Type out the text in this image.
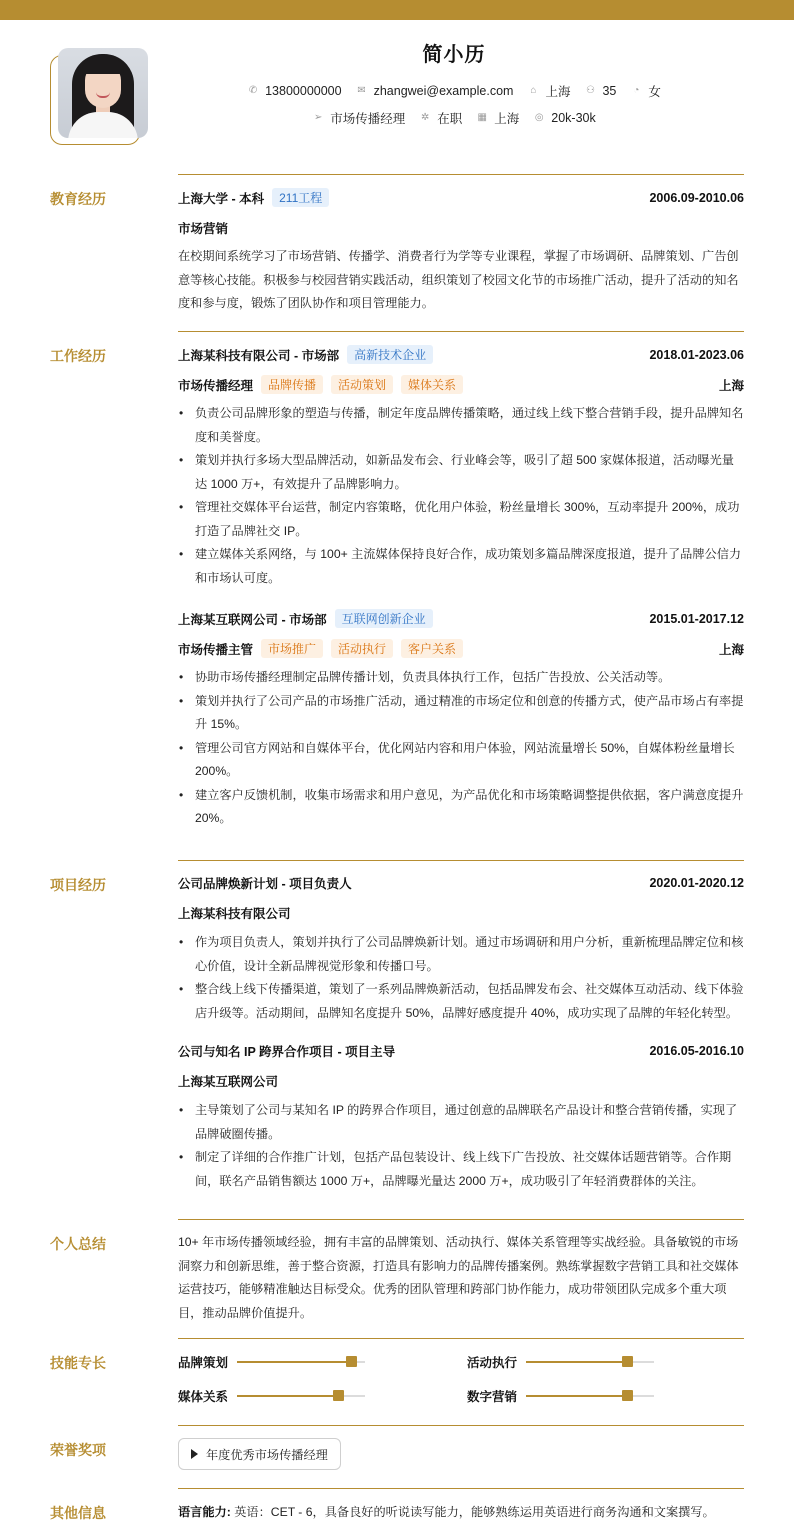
简小历
✆ 13800000000 ✉ zhangwei@example.com ⌂ 上海 ⚇ 35 ◔ 女
➢ 市场传播经理 ✲ 在职 ▦ 上海 ◎ 20k-30k
教育经历	上海大学 - 本科	211工程	2006.09-2010.06
市场营销
在校期间系统学习了市场营销、传播学、消费者行为学等专业课程，掌握了市场调研、品牌策划、广告创意等核心技能。积极参与校园营销实践活动，组织策划了校园文化节的市场推广活动，提升了活动的知名度和参与度，锻炼了团队协作和项目管理能力。
工作经历	上海某科技有限公司 - 市场部	高新技术企业	2018.01-2023.06
市场传播经理	品牌传播	活动策划	媒体关系	上海
• 负责公司品牌形象的塑造与传播，制定年度品牌传播策略，通过线上线下整合营销手段，提升品牌知名度和美誉度。
• 策划并执行多场大型品牌活动，如新品发布会、行业峰会等，吸引了超 500 家媒体报道，活动曝光量达 1000 万+，有效提升了品牌影响力。
• 管理社交媒体平台运营，制定内容策略，优化用户体验，粉丝量增长 300%，互动率提升 200%，成功打造了品牌社交 IP。
• 建立媒体关系网络，与 100+ 主流媒体保持良好合作，成功策划多篇品牌深度报道，提升了品牌公信力和市场认可度。
上海某互联网公司 - 市场部	互联网创新企业	2015.01-2017.12
市场传播主管	市场推广	活动执行	客户关系	上海
• 协助市场传播经理制定品牌传播计划，负责具体执行工作，包括广告投放、公关活动等。
• 策划并执行了公司产品的市场推广活动，通过精准的市场定位和创意的传播方式，使产品市场占有率提升 15%。
• 管理公司官方网站和自媒体平台，优化网站内容和用户体验，网站流量增长 50%，自媒体粉丝量增长 200%。
• 建立客户反馈机制，收集市场需求和用户意见，为产品优化和市场策略调整提供依据，客户满意度提升 20%。
项目经历	公司品牌焕新计划 - 项目负责人	2020.01-2020.12
上海某科技有限公司
• 作为项目负责人，策划并执行了公司品牌焕新计划。通过市场调研和用户分析，重新梳理品牌定位和核心价值，设计全新品牌视觉形象和传播口号。
• 整合线上线下传播渠道，策划了一系列品牌焕新活动，包括品牌发布会、社交媒体互动活动、线下体验店升级等。活动期间，品牌知名度提升 50%，品牌好感度提升 40%，成功实现了品牌的年轻化转型。
公司与知名 IP 跨界合作项目 - 项目主导	2016.05-2016.10
上海某互联网公司
• 主导策划了公司与某知名 IP 的跨界合作项目，通过创意的品牌联名产品设计和整合营销传播，实现了品牌破圈传播。
• 制定了详细的合作推广计划，包括产品包装设计、线上线下广告投放、社交媒体话题营销等。合作期间，联名产品销售额达 1000 万+，品牌曝光量达 2000 万+，成功吸引了年轻消费群体的关注。
个人总结	10+ 年市场传播领域经验，拥有丰富的品牌策划、活动执行、媒体关系管理等实战经验。具备敏锐的市场洞察力和创新思维，善于整合资源，打造具有影响力的品牌传播案例。熟练掌握数字营销工具和社交媒体运营技巧，能够精准触达目标受众。优秀的团队管理和跨部门协作能力，成功带领团队完成多个重大项目，推动品牌价值提升。
技能专长	品牌策划	活动执行
媒体关系	数字营销
荣誉奖项	年度优秀市场传播经理
其他信息	语言能力: 英语：CET - 6，具备良好的听说读写能力，能够熟练运用英语进行商务沟通和文案撰写。
